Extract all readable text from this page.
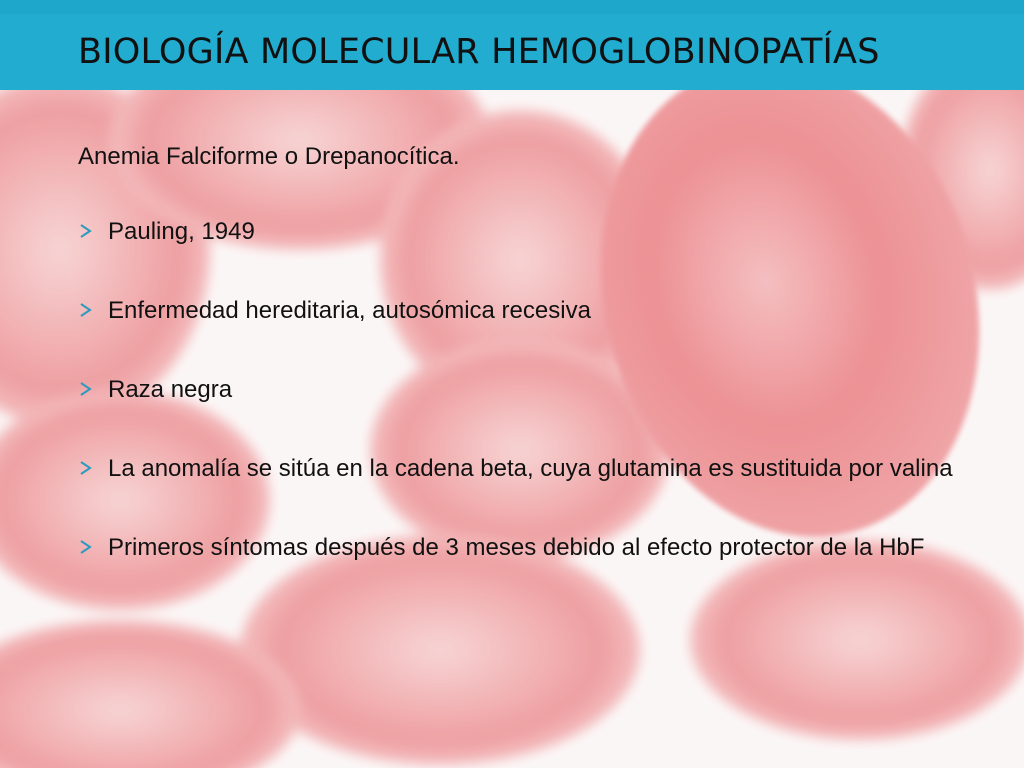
BIOLOGÍA MOLECULAR HEMOGLOBINOPATÍAS

Anemia Falciforme o Drepanocítica.

Pauling, 1949
Enfermedad hereditaria, autosómica recesiva
Raza negra
La anomalía se sitúa en la cadena beta, cuya glutamina es sustituida por valina
Primeros síntomas después de 3 meses debido al efecto protector de la HbF
